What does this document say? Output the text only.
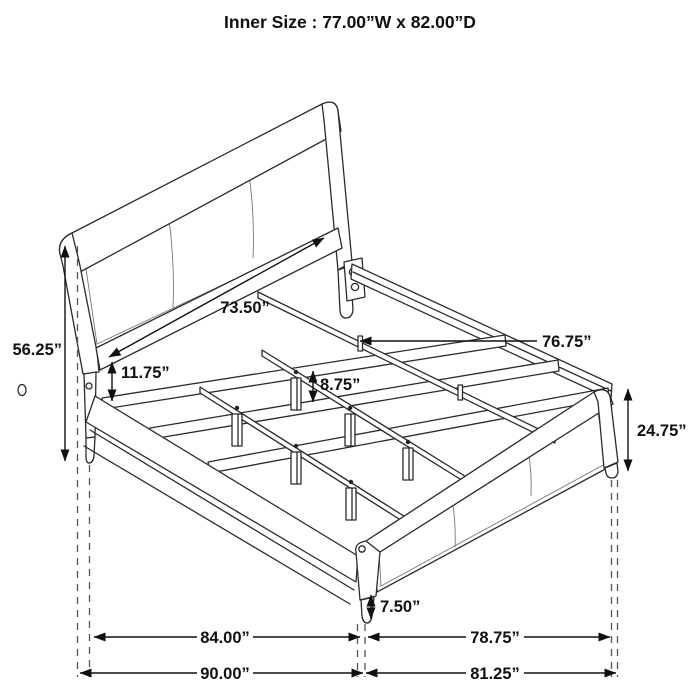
Inner Size : 77.00”W x 82.00”D
56.25”
73.50”
76.75”
11.75”
8.75”
24.75”
7.50”
84.00”	78.75”
90.00”	81.25”
